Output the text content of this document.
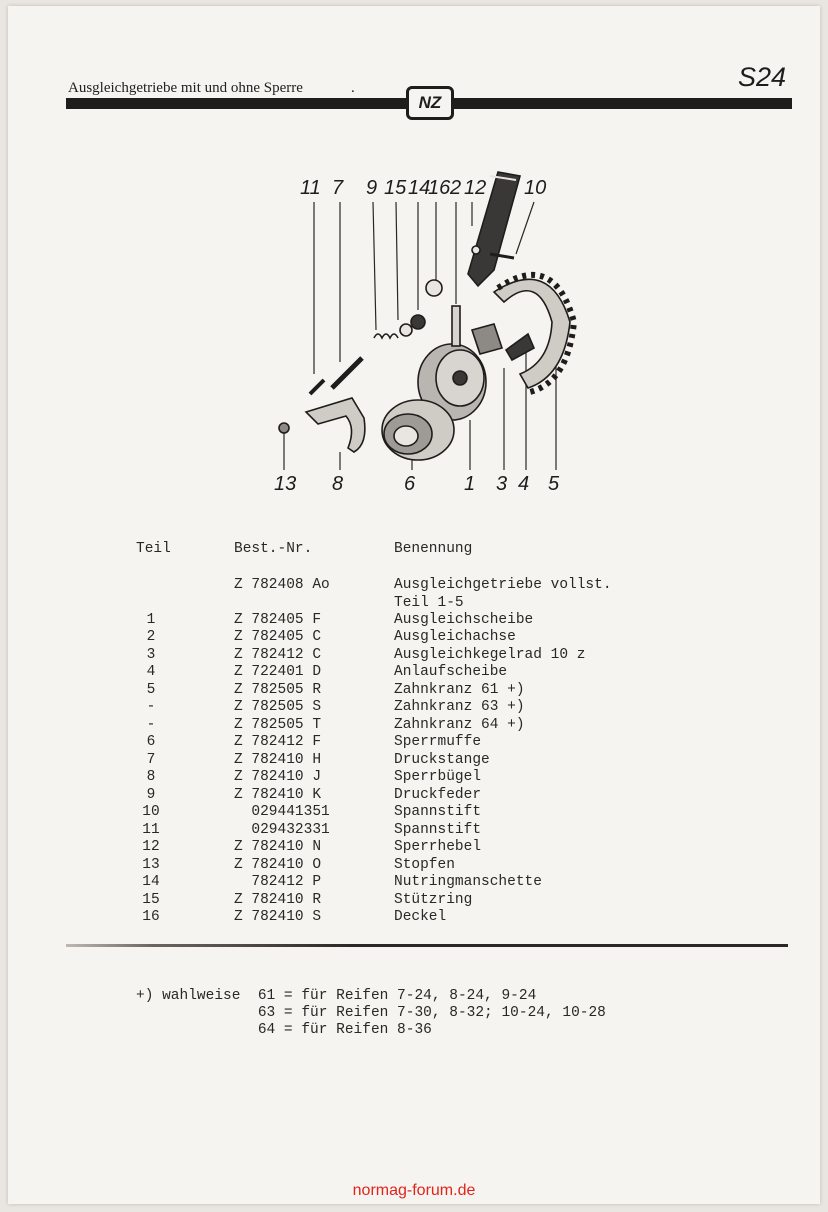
Ausgleichgetriebe mit und ohne Sperre	.
NZ
S24
11 7 9 15 14
16 2 12 10
13 8	6 1 3 4 5
Teil	Best.-Nr.	Benennung
Z 782408 Ao	Ausgleichgetriebe vollst.
Teil 1-5
1	Z 782405 F	Ausgleichscheibe
2	Z 782405 C	Ausgleichachse
3	Z 782412 C	Ausgleichkegelrad 10 z
4	Z 722401 D	Anlaufscheibe
5	Z 782505 R	Zahnkranz 61 +)
-	Z 782505 S	Zahnkranz 63 +)
-	Z 782505 T	Zahnkranz 64 +)
6	Z 782412 F	Sperrmuffe
7	Z 782410 H	Druckstange
8	Z 782410 J	Sperrbügel
9	Z 782410 K	Druckfeder
10	029441351	Spannstift
11	029432331	Spannstift
12	Z 782410 N	Sperrhebel
13	Z 782410 O	Stopfen
14	782412 P	Nutringmanschette
15	Z 782410 R	Stützring
16	Z 782410 S	Deckel
+) wahlweise  61 = für Reifen 7-24, 8-24, 9-24
63 = für Reifen 7-30, 8-32; 10-24, 10-28
64 = für Reifen 8-36
normag-forum.de
